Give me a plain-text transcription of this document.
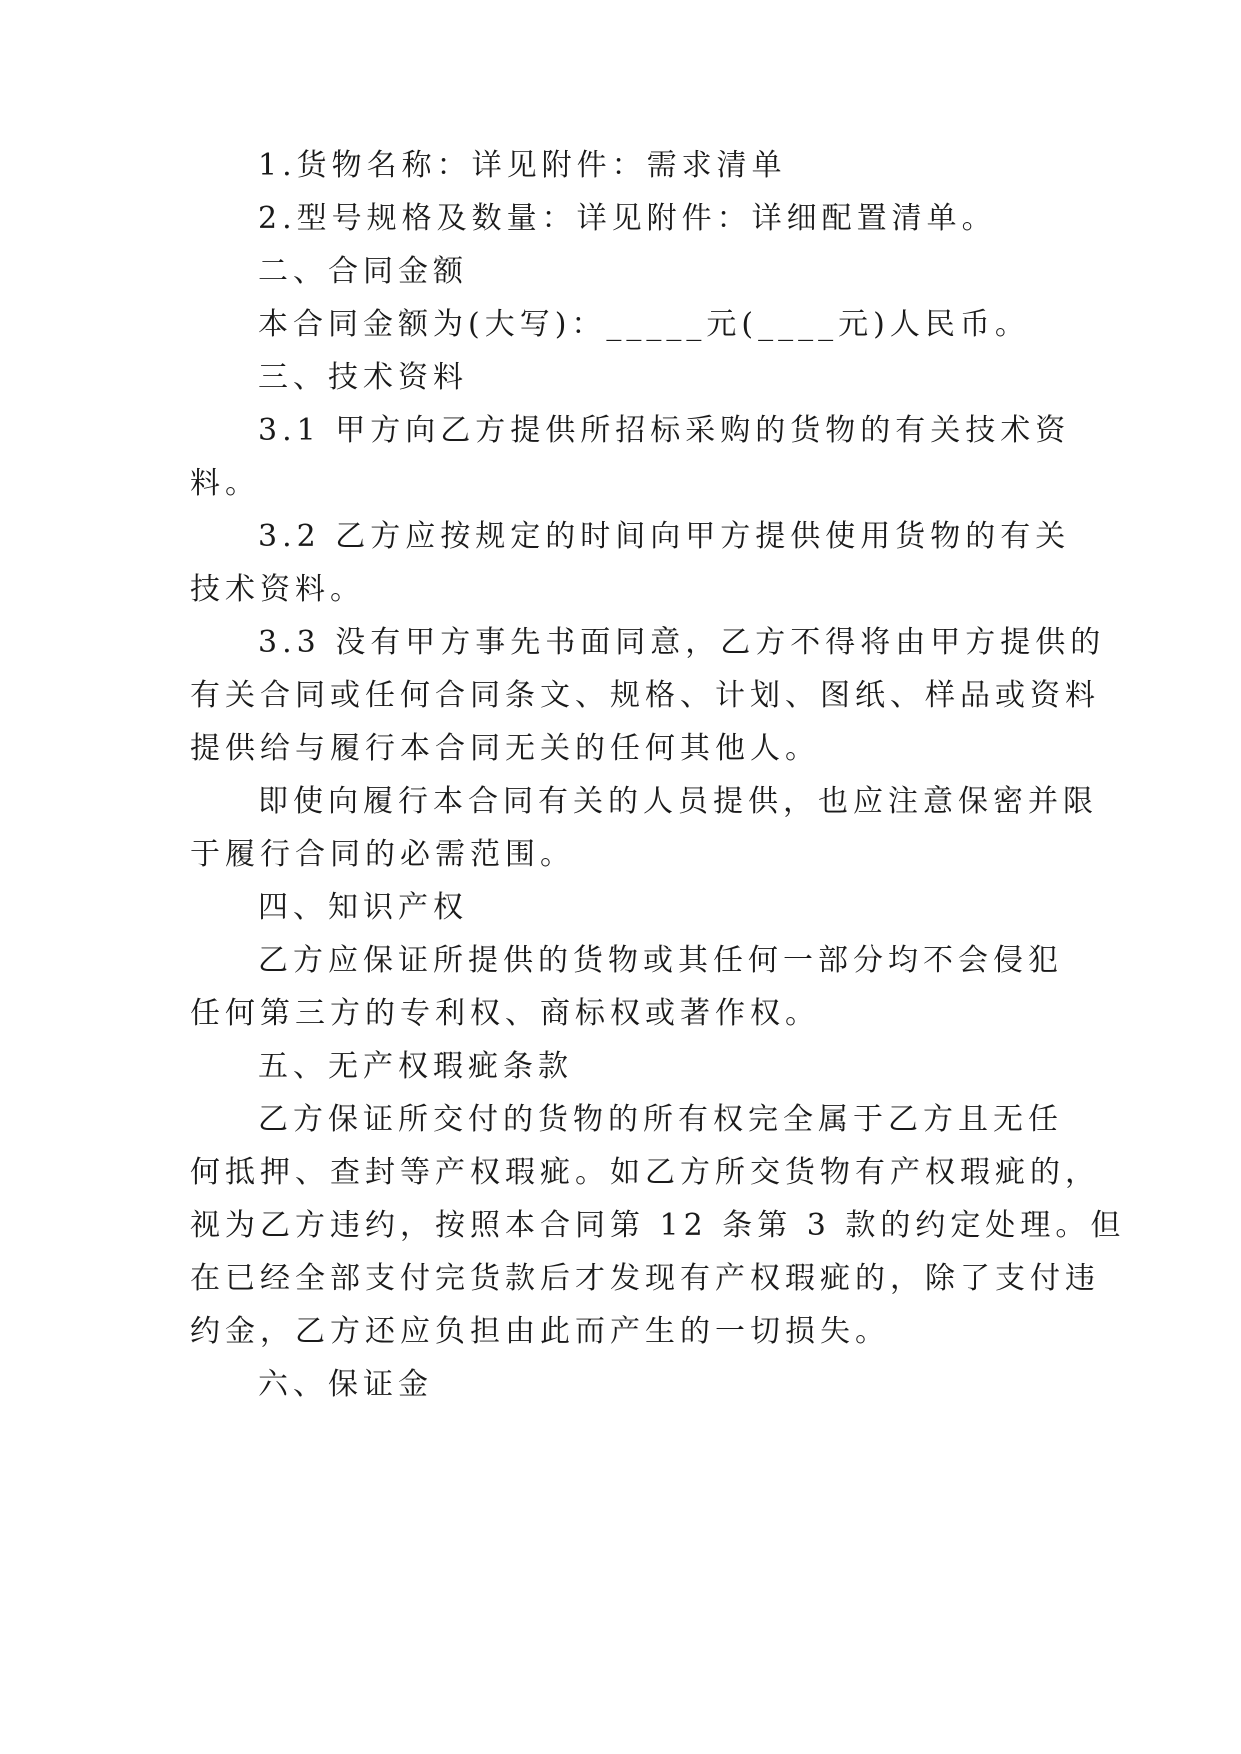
1.货物名称：详见附件：需求清单
2.型号规格及数量：详见附件：详细配置清单。
二、合同金额
本合同金额为(大写)：_____元(____元)人民币。
三、技术资料
3.1 甲方向乙方提供所招标采购的货物的有关技术资
料。
3.2 乙方应按规定的时间向甲方提供使用货物的有关
技术资料。
3.3 没有甲方事先书面同意，乙方不得将由甲方提供的
有关合同或任何合同条文、规格、计划、图纸、样品或资料
提供给与履行本合同无关的任何其他人。
即使向履行本合同有关的人员提供，也应注意保密并限
于履行合同的必需范围。
四、知识产权
乙方应保证所提供的货物或其任何一部分均不会侵犯
任何第三方的专利权、商标权或著作权。
五、无产权瑕疵条款
乙方保证所交付的货物的所有权完全属于乙方且无任
何抵押、查封等产权瑕疵。如乙方所交货物有产权瑕疵的，
视为乙方违约，按照本合同第 12 条第 3 款的约定处理。但
在已经全部支付完货款后才发现有产权瑕疵的，除了支付违
约金，乙方还应负担由此而产生的一切损失。
六、保证金
